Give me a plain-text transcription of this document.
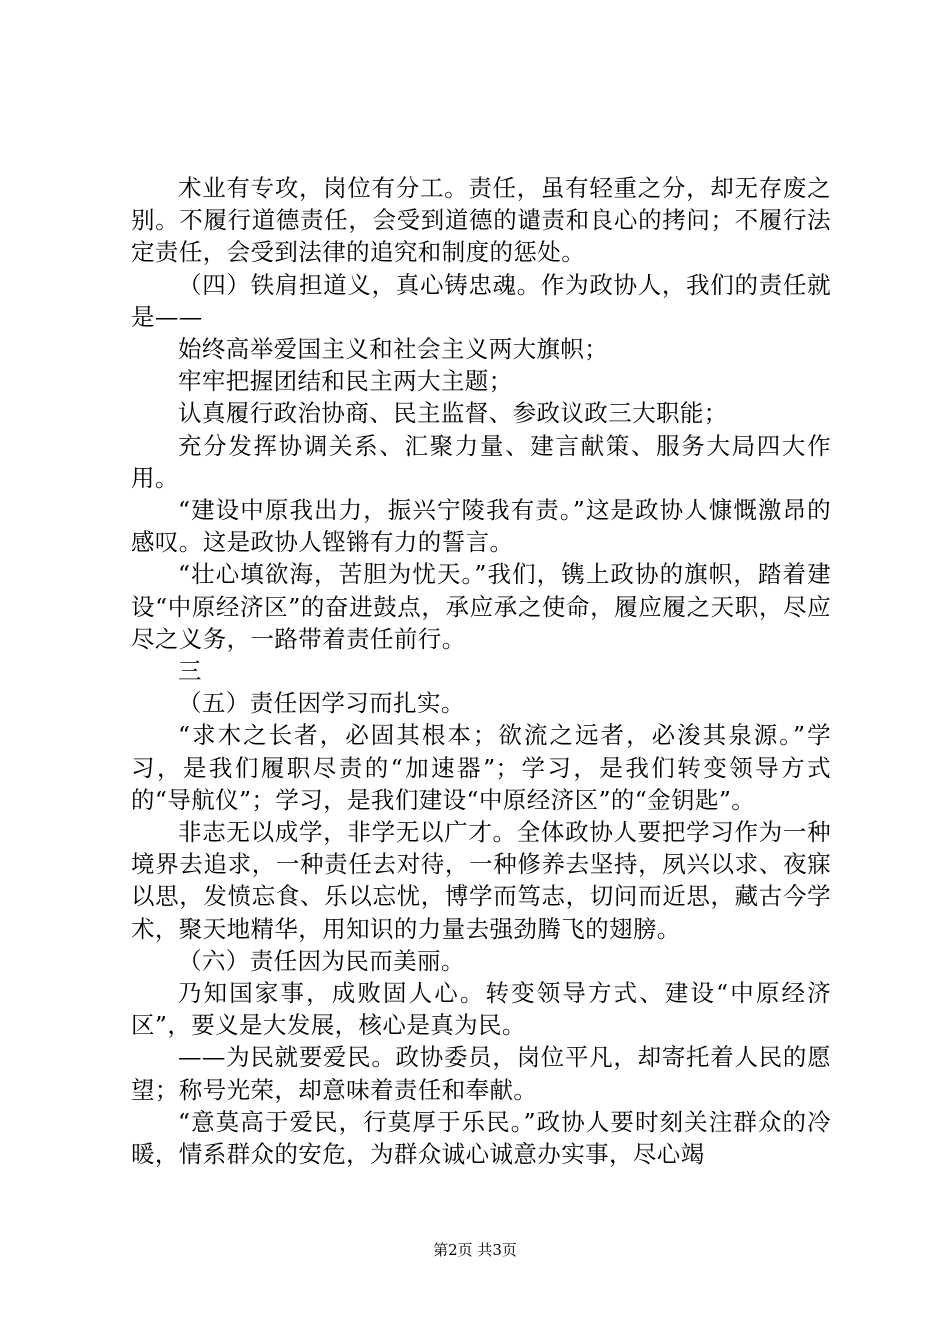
术业有专攻，岗位有分工。责任，虽有轻重之分，却无存废之别。不履行道德责任，会受到道德的谴责和良心的拷问；不履行法定责任，会受到法律的追究和制度的惩处。

（四）铁肩担道义，真心铸忠魂。作为政协人，我们的责任就是——

始终高举爱国主义和社会主义两大旗帜；

牢牢把握团结和民主两大主题；

认真履行政治协商、民主监督、参政议政三大职能；

充分发挥协调关系、汇聚力量、建言献策、服务大局四大作用。

“建设中原我出力，振兴宁陵我有责。”这是政协人慷慨激昂的感叹。这是政协人铿锵有力的誓言。

“壮心填欲海，苦胆为忧天。”我们，镌上政协的旗帜，踏着建设“中原经济区”的奋进鼓点，承应承之使命，履应履之天职，尽应尽之义务，一路带着责任前行。

三

（五）责任因学习而扎实。

“求木之长者，必固其根本；欲流之远者，必浚其泉源。”学习，是我们履职尽责的“加速器”；学习，是我们转变领导方式的“导航仪”；学习，是我们建设“中原经济区”的“金钥匙”。

非志无以成学，非学无以广才。全体政协人要把学习作为一种境界去追求，一种责任去对待，一种修养去坚持，夙兴以求、夜寐以思，发愤忘食、乐以忘忧，博学而笃志，切问而近思，藏古今学术，聚天地精华，用知识的力量去强劲腾飞的翅膀。

（六）责任因为民而美丽。

乃知国家事，成败固人心。转变领导方式、建设“中原经济区”，要义是大发展，核心是真为民。

——为民就要爱民。政协委员，岗位平凡，却寄托着人民的愿望；称号光荣，却意味着责任和奉献。

“意莫高于爱民，行莫厚于乐民。”政协人要时刻关注群众的冷暖，情系群众的安危，为群众诚心诚意办实事，尽心竭

第2页 共3页
